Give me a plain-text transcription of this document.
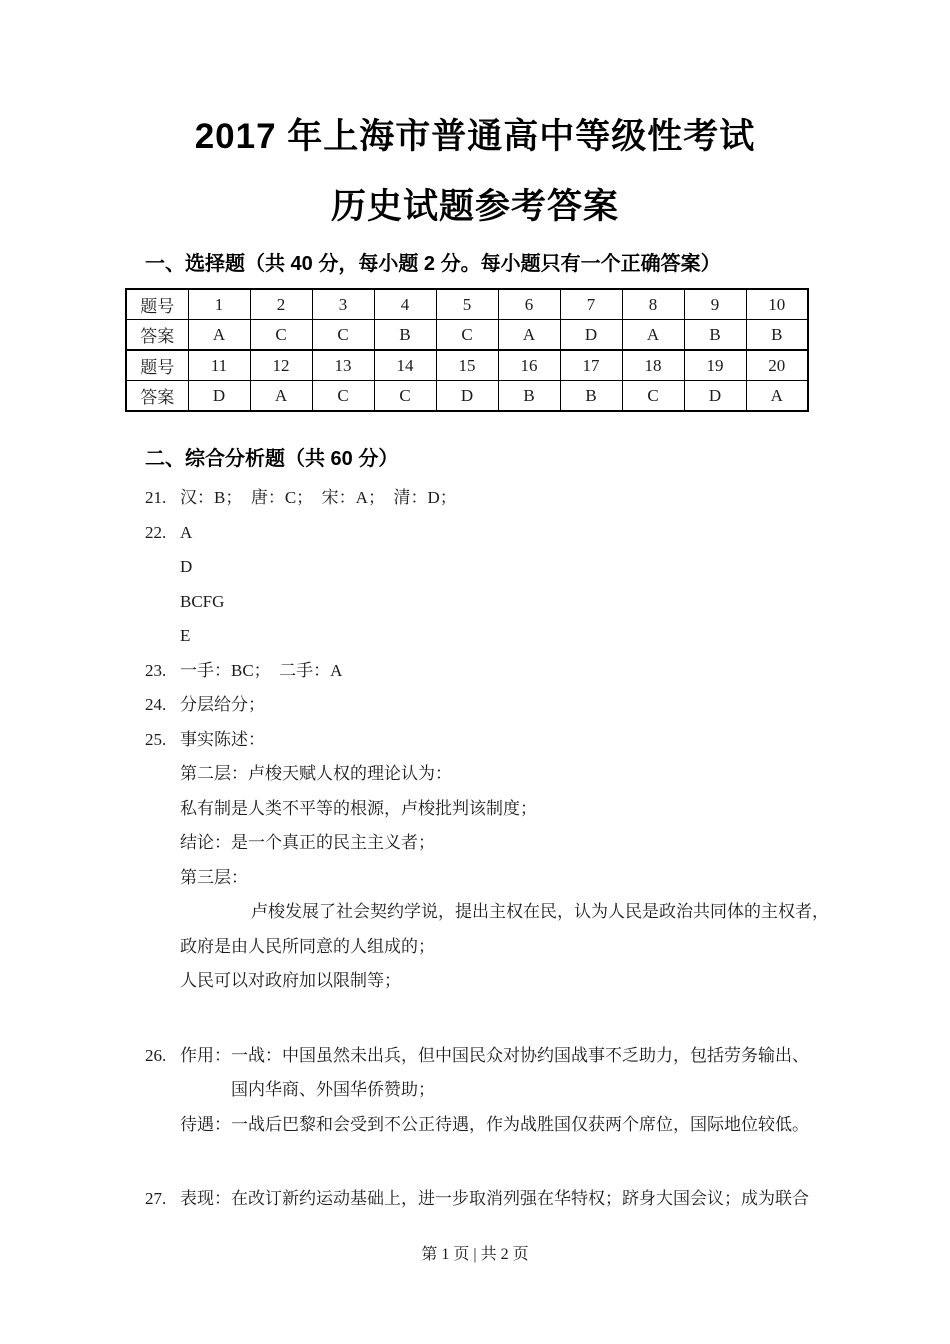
2017 年上海市普通高中等级性考试
历史试题参考答案
一、选择题（共 40 分，每小题 2 分。每小题只有一个正确答案）
题号	1	2	3	4	5	6	7	8	9	10
答案	A	C	C	B	C	A	D	A	B	B
题号	11	12	13	14	15	16	17	18	19	20
答案	D	A	C	C	D	B	B	C	D	A
二、综合分析题（共 60 分）
21. 汉：B；　唐：C；　宋：A；　清：D；
22. A
D
BCFG
E
23. 一手：BC；　二手：A
24. 分层给分；
25. 事实陈述：
第二层：卢梭天赋人权的理论认为：
私有制是人类不平等的根源，卢梭批判该制度；
结论：是一个真正的民主主义者；
第三层：
卢梭发展了社会契约学说，提出主权在民，认为人民是政治共同体的主权者，
政府是由人民所同意的人组成的；
人民可以对政府加以限制等；
26. 作用：一战：中国虽然未出兵，但中国民众对协约国战事不乏助力，包括劳务输出、
国内华商、外国华侨赞助；
待遇：一战后巴黎和会受到不公正待遇，作为战胜国仅获两个席位，国际地位较低。
27. 表现：在改订新约运动基础上，进一步取消列强在华特权；跻身大国会议；成为联合
第 1 页 | 共 2 页
